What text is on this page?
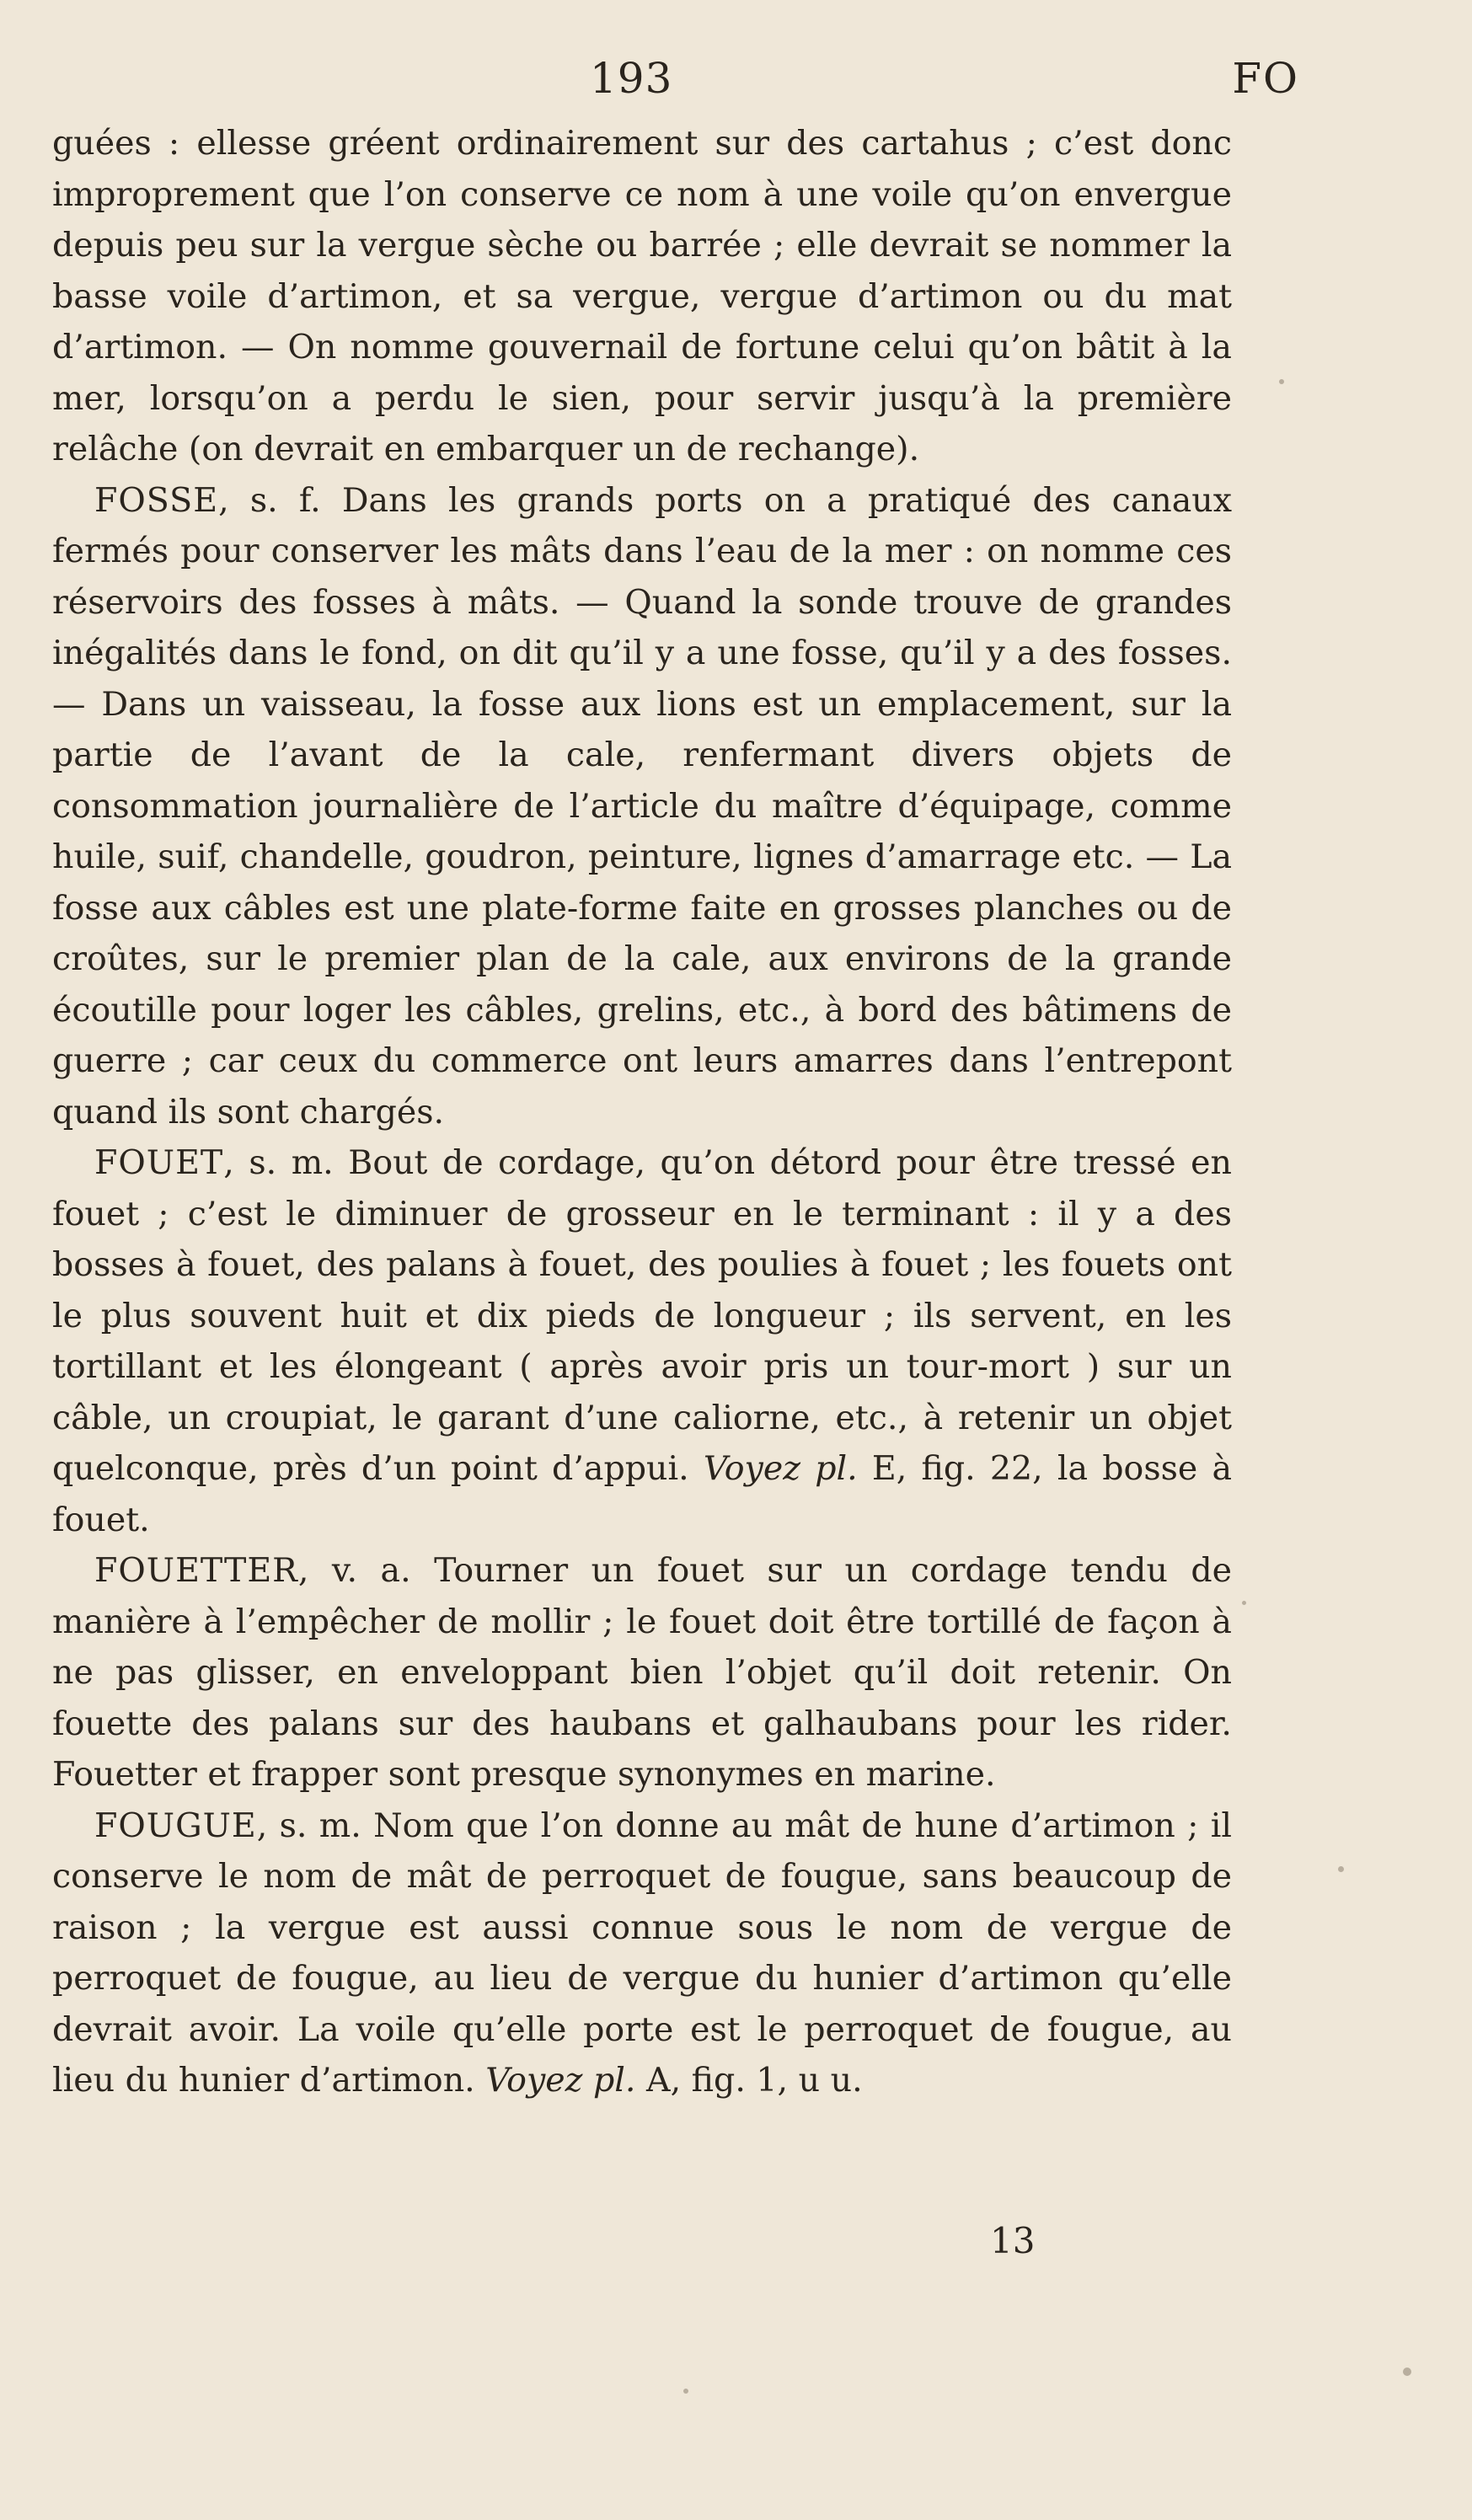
193	FO

guées : ellesse gréent ordinairement sur des cartahus ; c’est donc improprement que l’on conserve ce nom à une voile qu’on envergue depuis peu sur la vergue sèche ou barrée ; elle devrait se nommer la basse voile d’artimon, et sa vergue, vergue d’artimon ou du mat d’artimon. — On nomme gouvernail de fortune celui qu’on bâtit à la mer, lorsqu’on a perdu le sien, pour servir jusqu’à la première relâche (on devrait en embarquer un de rechange).

FOSSE, s. f. Dans les grands ports on a pratiqué des canaux fermés pour conserver les mâts dans l’eau de la mer : on nomme ces réservoirs des fosses à mâts. — Quand la sonde trouve de grandes inégalités dans le fond, on dit qu’il y a une fosse, qu’il y a des fosses. — Dans un vaisseau, la fosse aux lions est un emplacement, sur la partie de l’avant de la cale, renfermant divers objets de consommation journalière de l’article du maître d’équipage, comme huile, suif, chandelle, goudron, peinture, lignes d’amarrage etc. — La fosse aux câbles est une plate-forme faite en grosses planches ou de croûtes, sur le premier plan de la cale, aux environs de la grande écoutille pour loger les câbles, grelins, etc., à bord des bâtimens de guerre ; car ceux du commerce ont leurs amarres dans l’entrepont quand ils sont chargés.

FOUET, s. m. Bout de cordage, qu’on détord pour être tressé en fouet ; c’est le diminuer de grosseur en le terminant : il y a des bosses à fouet, des palans à fouet, des poulies à fouet ; les fouets ont le plus souvent huit et dix pieds de longueur ; ils servent, en les tortillant et les élongeant ( après avoir pris un tour-mort ) sur un câble, un croupiat, le garant d’une caliorne, etc., à retenir un objet quelconque, près d’un point d’appui. Voyez pl. E, fig. 22, la bosse à fouet.

FOUETTER, v. a. Tourner un fouet sur un cordage tendu de manière à l’empêcher de mollir ; le fouet doit être tortillé de façon à ne pas glisser, en enveloppant bien l’objet qu’il doit retenir. On fouette des palans sur des haubans et galhaubans pour les rider. Fouetter et frapper sont presque synonymes en marine.

FOUGUE, s. m. Nom que l’on donne au mât de hune d’artimon ; il conserve le nom de mât de perroquet de fougue, sans beaucoup de raison ; la vergue est aussi connue sous le nom de vergue de perroquet de fougue, au lieu de vergue du hunier d’artimon qu’elle devrait avoir. La voile qu’elle porte est le perroquet de fougue, au lieu du hunier d’artimon. Voyez pl. A, fig. 1, u u.

13
